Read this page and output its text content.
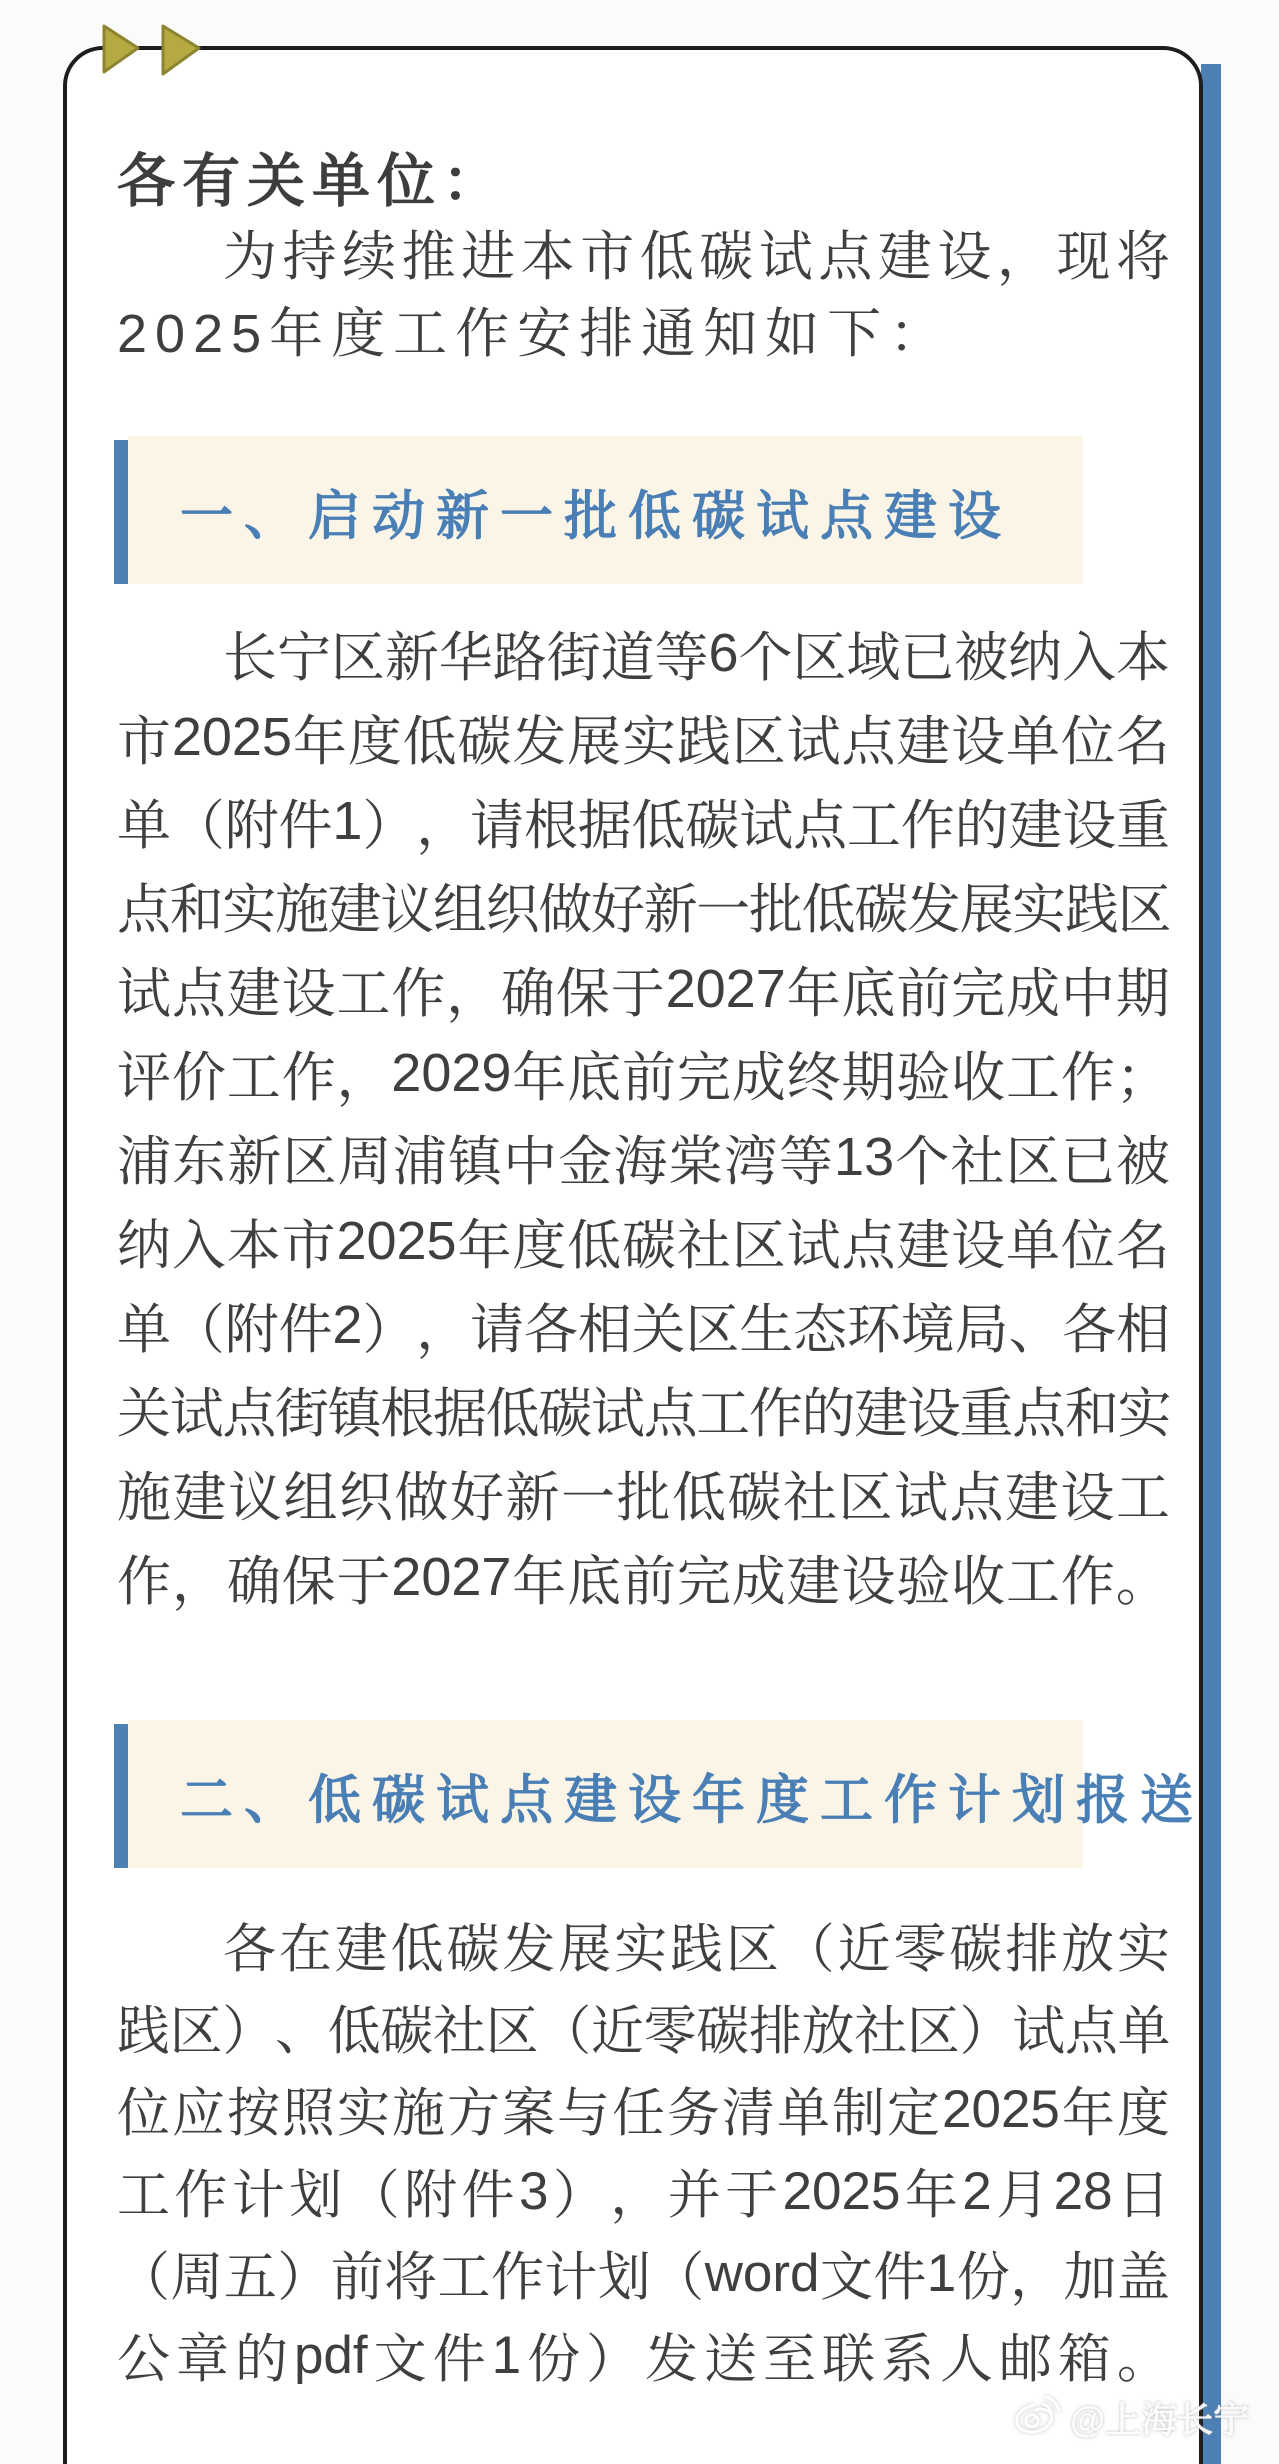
各有关单位：
为 持 续 推 进 本 市 低 碳 试 点 建 设 ， 现 将
2025年度工作安排通知如下：
一、启动新一批低碳试点建设
长 宁 区 新 华 路 街 道 等 6 个 区 域 已 被 纳 入 本
市 2025 年 度 低 碳 发 展 实 践 区 试 点 建 设 单 位 名
单 （ 附 件 1 ） ， 请 根 据 低 碳 试 点 工 作 的 建 设 重
点
和
实
施
建
议
组
织
做
好
新
一
批
低
碳
发
展
实
践
区
试 点 建 设 工 作 ， 确 保 于 2027 年 底 前 完 成 中 期
评 价 工 作 ， 2029 年 底 前 完 成 终 期 验 收 工 作 ；
浦 东 新 区 周 浦 镇 中 金 海 棠 湾 等 13 个 社 区 已 被
纳 入 本 市 2025 年 度 低 碳 社 区 试 点 建 设 单 位 名
单 （ 附 件 2 ） ， 请 各 相 关 区 生 态 环 境 局 、 各 相
关
试
点
街
镇
根
据
低
碳
试
点
工
作
的
建
设
重
点
和
实
施 建 议 组 织 做 好 新 一 批 低 碳 社 区 试 点 建 设 工
作 ， 确 保 于 2027 年 底 前 完 成 建 设 验 收 工 作 。
二、低碳试点建设年度工作计划报送
各 在 建 低 碳 发 展 实 践 区 （ 近 零 碳 排 放 实
践 区 ） 、 低 碳 社 区 （ 近 零 碳 排 放 社 区 ） 试 点 单
位 应 按 照 实 施 方 案 与 任 务 清 单 制 定 2025 年 度
工 作 计 划 （ 附 件 3 ） ， 并 于 2025 年 2 月 28 日
（ 周 五 ） 前 将 工 作 计 划 （ word 文 件 1 份 ， 加 盖
公 章 的 pdf 文 件 1 份 ） 发 送 至 联 系 人 邮 箱 。
@上海长宁
